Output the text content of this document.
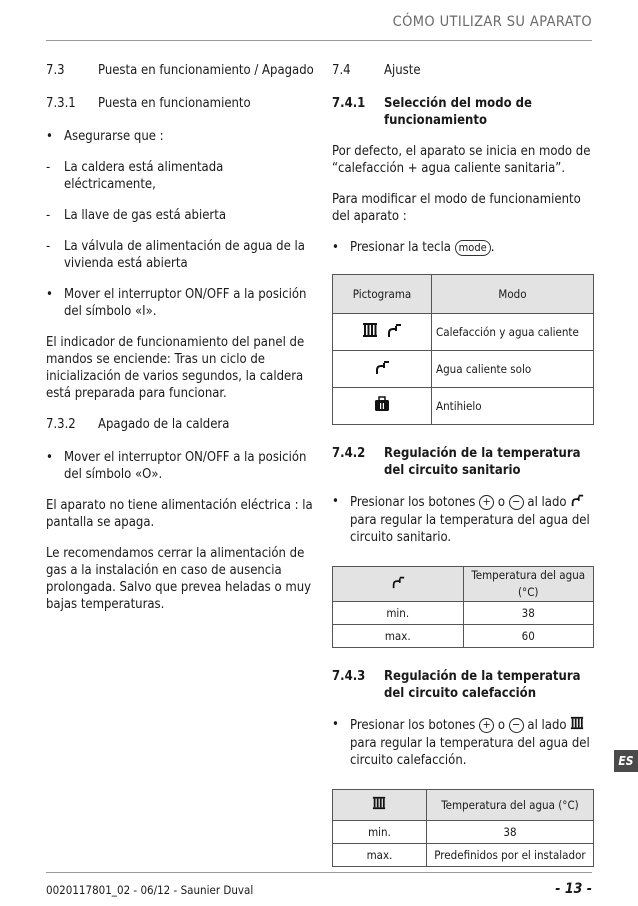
CÓMO UTILIZAR SU APARATO
7.3	Puesta en funcionamiento / Apagado
7.3.1	Puesta en funcionamiento
• Asegurarse que :
-	La caldera está alimentada eléctricamente,
-	La llave de gas está abierta
-	La válvula de alimentación de agua de la vivienda está abierta
• Mover el interruptor ON/OFF a la posición del símbolo «I».

El indicador de funcionamiento del panel de mandos se enciende: Tras un ciclo de inicialización de varios segundos, la caldera está preparada para funcionar.

7.3.2	Apagado de la caldera
• Mover el interruptor ON/OFF a la posición del símbolo «O».

El aparato no tiene alimentación eléctrica : la pantalla se apaga.

Le recomendamos cerrar la alimentación de gas a la instalación en caso de ausencia prolongada. Salvo que prevea heladas o muy bajas temperaturas.

7.4	Ajuste
7.4.1	Selección del modo de funcionamiento

Por defecto, el aparato se inicia en modo de “calefacción + agua caliente sanitaria”.

Para modificar el modo de funcionamiento del aparato :

• Presionar la tecla mode .
Pictograma	Modo
	Calefacción y agua caliente
	Agua caliente solo
	Antihielo
7.4.2	Regulación de la temperatura del circuito sanitario
• Presionar los botones + o − al lado  para regular la temperatura del agua del circuito sanitario.
	Temperatura del agua (°C)
min.	38
max.	60
7.4.3	Regulación de la temperatura del circuito calefacción
• Presionar los botones + o − al lado  para regular la temperatura del agua del circuito calefacción.
	Temperatura del agua (°C)
min.	38
max.	Predefinidos por el instalador
ES
0020117801_02 - 06/12 - Saunier Duval	- 13 -
